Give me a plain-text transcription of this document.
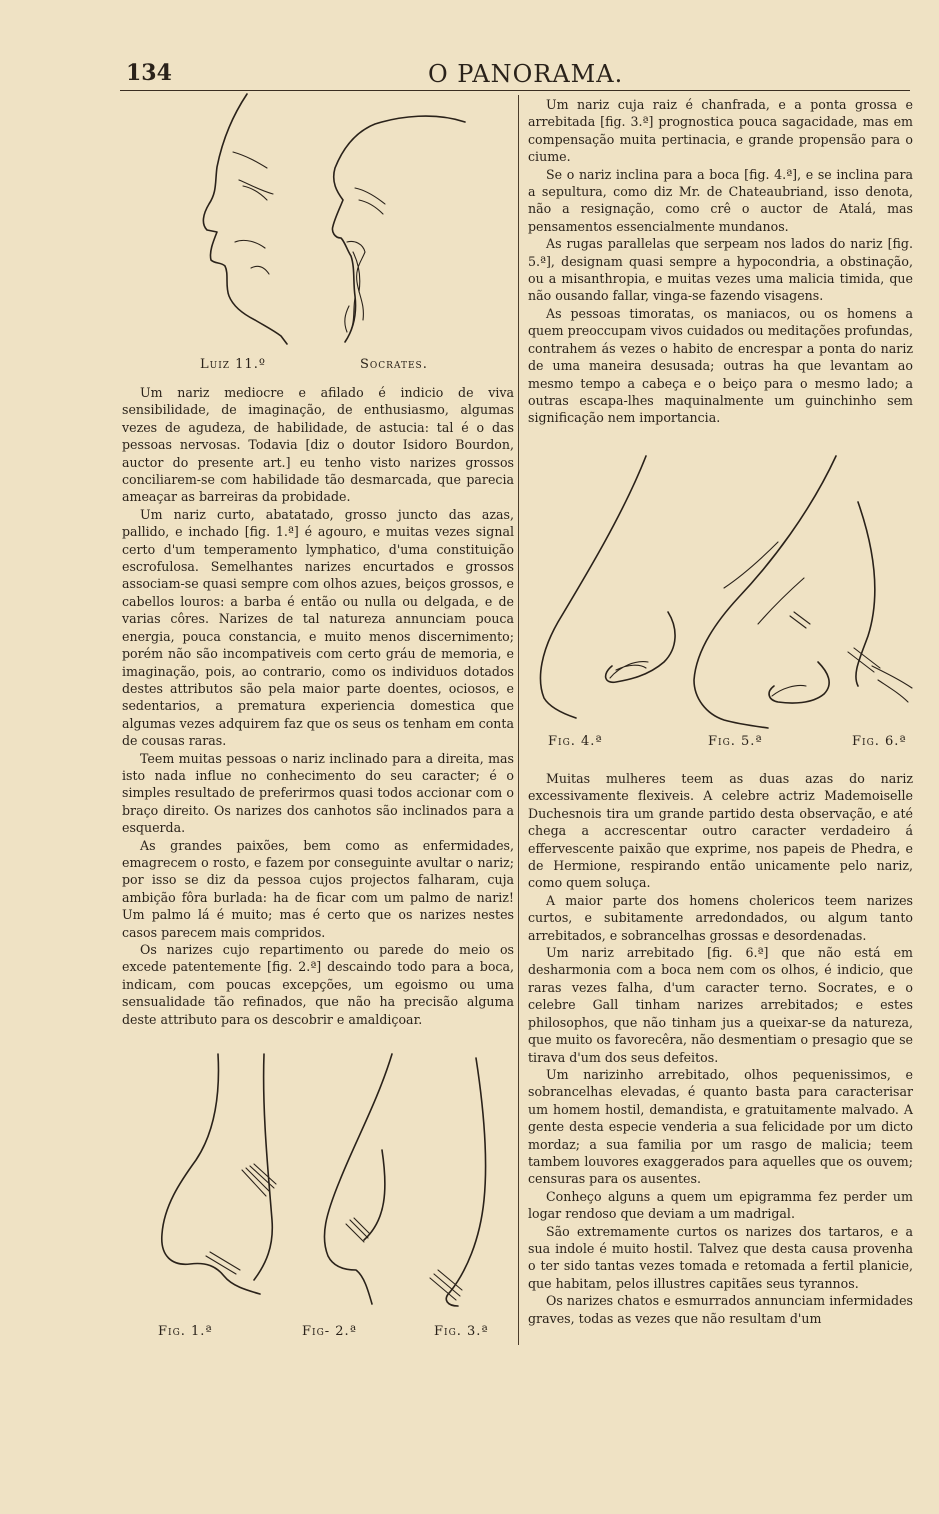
134	O PANORAMA.
Luiz 11.º	Socrates.

Um nariz mediocre e afilado é indicio de viva sensibilidade, de imaginação, de enthusiasmo, algumas vezes de agudeza, de habilidade, de astucia: tal é o das pessoas nervosas. Todavia [diz o doutor Isidoro Bourdon, auctor do presente art.] eu tenho visto narizes grossos conciliarem-se com habilidade tão desmarcada, que parecia ameaçar as barreiras da probidade.

Um nariz curto, abatatado, grosso juncto das azas, pallido, e inchado [fig. 1.ª] é agouro, e muitas vezes signal certo d'um temperamento lymphatico, d'uma constituição escrofulosa. Semelhantes narizes encurtados e grossos associam-se quasi sempre com olhos azues, beiços grossos, e cabellos louros: a barba é então ou nulla ou delgada, e de varias côres. Narizes de tal natureza annunciam pouca energia, pouca constancia, e muito menos discernimento; porém não são incompativeis com certo gráu de memoria, e imaginação, pois, ao contrario, como os individuos dotados destes attributos são pela maior parte doentes, ociosos, e sedentarios, a prematura experiencia domestica que algumas vezes adquirem faz que os seus os tenham em conta de cousas raras.

Teem muitas pessoas o nariz inclinado para a direita, mas isto nada influe no conhecimento do seu caracter; é o simples resultado de preferirmos quasi todos accionar com o braço direito. Os narizes dos canhotos são inclinados para a esquerda.

As grandes paixões, bem como as enfermidades, emagrecem o rosto, e fazem por conseguinte avultar o nariz; por isso se diz da pessoa cujos projectos falharam, cuja ambição fôra burlada: ha de ficar com um palmo de nariz! Um palmo lá é muito; mas é certo que os narizes nestes casos parecem mais compridos.

Os narizes cujo repartimento ou parede do meio os excede patentemente [fig. 2.ª] descaindo todo para a boca, indicam, com poucas excepções, um egoismo ou uma sensualidade tão refinados, que não ha precisão alguma deste attributo para os descobrir e amaldiçoar.

Fig. 1.ª	Fig- 2.ª	Fig. 3.ª

Um nariz cuja raiz é chanfrada, e a ponta grossa e arrebitada [fig. 3.ª] prognostica pouca sagacidade, mas em compensação muita pertinacia, e grande propensão para o ciume.

Se o nariz inclina para a boca [fig. 4.ª], e se inclina para a sepultura, como diz Mr. de Chateaubriand, isso denota, não a resignação, como crê o auctor de Atalá, mas pensamentos essencialmente mundanos.

As rugas parallelas que serpeam nos lados do nariz [fig. 5.ª], designam quasi sempre a hypocondria, a obstinação, ou a misanthropia, e muitas vezes uma malicia timida, que não ousando fallar, vinga-se fazendo visagens.

As pessoas timoratas, os maniacos, ou os homens a quem preoccupam vivos cuidados ou meditações profundas, contrahem ás vezes o habito de encrespar a ponta do nariz de uma maneira desusada; outras ha que levantam ao mesmo tempo a cabeça e o beiço para o mesmo lado; a outras escapa-lhes maquinalmente um guinchinho sem significação nem importancia.

Fig. 4.ª	Fig. 5.ª	Fig. 6.ª

Muitas mulheres teem as duas azas do nariz excessivamente flexiveis. A celebre actriz Mademoiselle Duchesnois tira um grande partido desta observação, e até chega a accrescentar outro caracter verdadeiro á effervescente paixão que exprime, nos papeis de Phedra, e de Hermione, respirando então unicamente pelo nariz, como quem soluça.

A maior parte dos homens cholericos teem narizes curtos, e subitamente arredondados, ou algum tanto arrebitados, e sobrancelhas grossas e desordenadas.

Um nariz arrebitado [fig. 6.ª] que não está em desharmonia com a boca nem com os olhos, é indicio, que raras vezes falha, d'um caracter terno. Socrates, e o celebre Gall tinham narizes arrebitados; e estes philosophos, que não tinham jus a queixar-se da natureza, que muito os favorecêra, não desmentiam o presagio que se tirava d'um dos seus defeitos.

Um narizinho arrebitado, olhos pequenissimos, e sobrancelhas elevadas, é quanto basta para caracterisar um homem hostil, demandista, e gratuitamente malvado. A gente desta especie venderia a sua felicidade por um dicto mordaz; a sua familia por um rasgo de malicia; teem tambem louvores exaggerados para aquelles que os ouvem; censuras para os ausentes.

Conheço alguns a quem um epigramma fez perder um logar rendoso que deviam a um madrigal.

São extremamente curtos os narizes dos tartaros, e a sua indole é muito hostil. Talvez que desta causa provenha o ter sido tantas vezes tomada e retomada a fertil planicie, que habitam, pelos illustres capitães seus tyrannos.

Os narizes chatos e esmurrados annunciam infermidades graves, todas as vezes que não resultam d'um
